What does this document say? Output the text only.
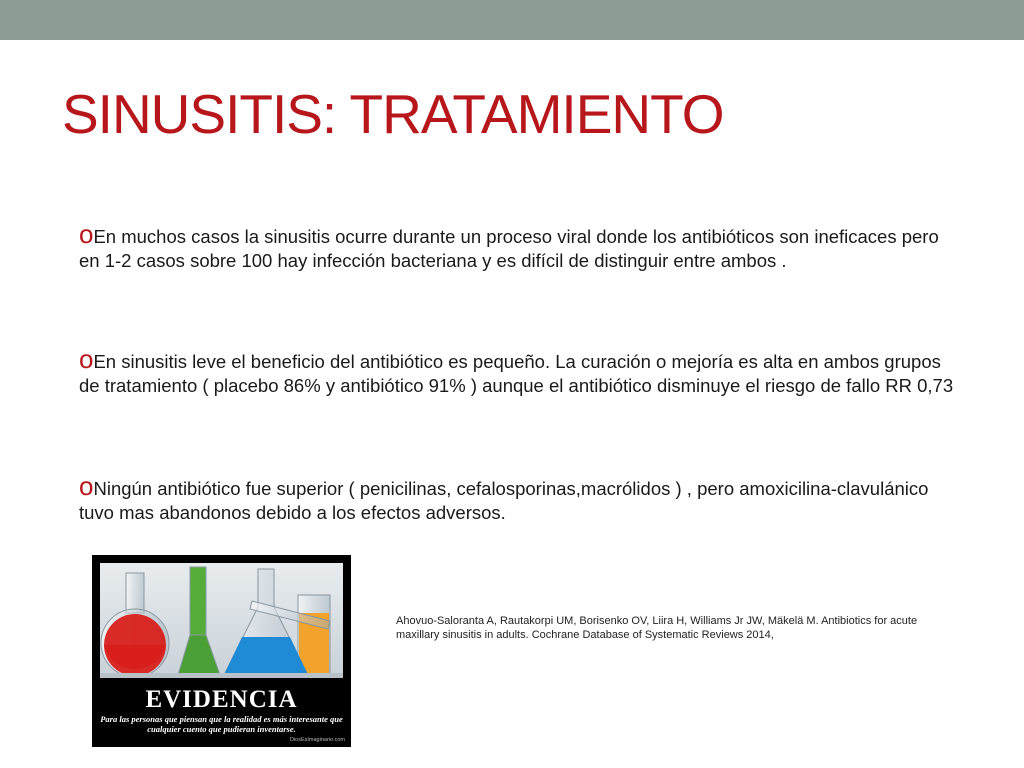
SINUSITIS: TRATAMIENTO
oEn muchos casos la sinusitis ocurre durante un proceso viral donde los antibióticos son ineficaces pero en 1-2 casos sobre 100 hay infección bacteriana y es difícil de distinguir entre ambos .
oEn sinusitis leve el beneficio del antibiótico es pequeño. La curación o mejoría es alta en ambos grupos de tratamiento ( placebo 86% y antibiótico 91% ) aunque el antibiótico disminuye el riesgo de fallo RR 0,73
oNingún antibiótico fue superior ( penicilinas, cefalosporinas,macrólidos ) , pero amoxicilina-clavulánico tuvo mas abandonos debido a los efectos adversos.
EVIDENCIA
Para las personas que piensan que la realidad es más interesante que cualquier cuento que pudieran inventarse.
DiosEsImaginario.com
Ahovuo-Saloranta A, Rautakorpi UM, Borisenko OV, Liira H, Williams Jr JW, Mäkelä M. Antibiotics for acute maxillary sinusitis in adults. Cochrane Database of Systematic Reviews 2014,
